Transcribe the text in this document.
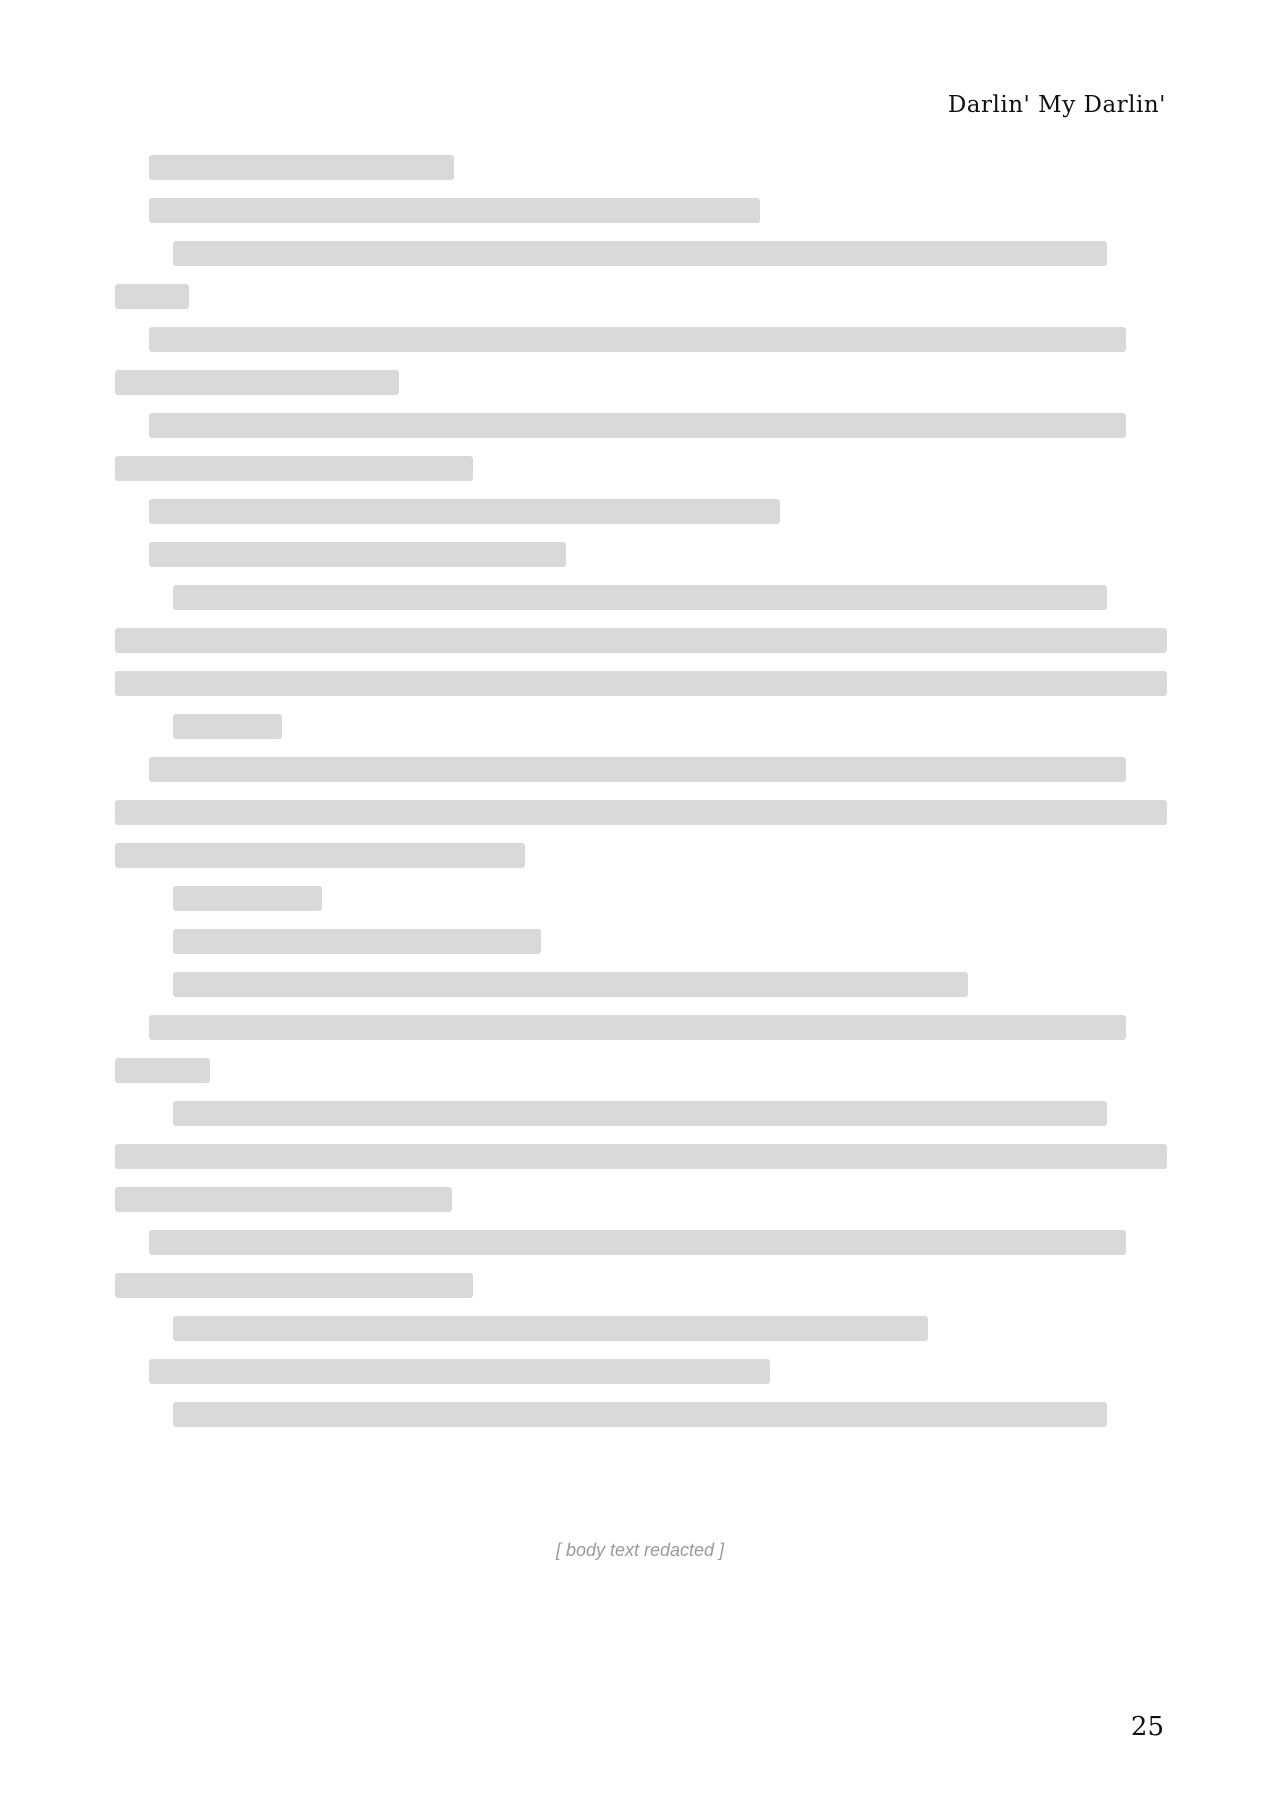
Darlin' My Darlin'
[ body text redacted ]
25
